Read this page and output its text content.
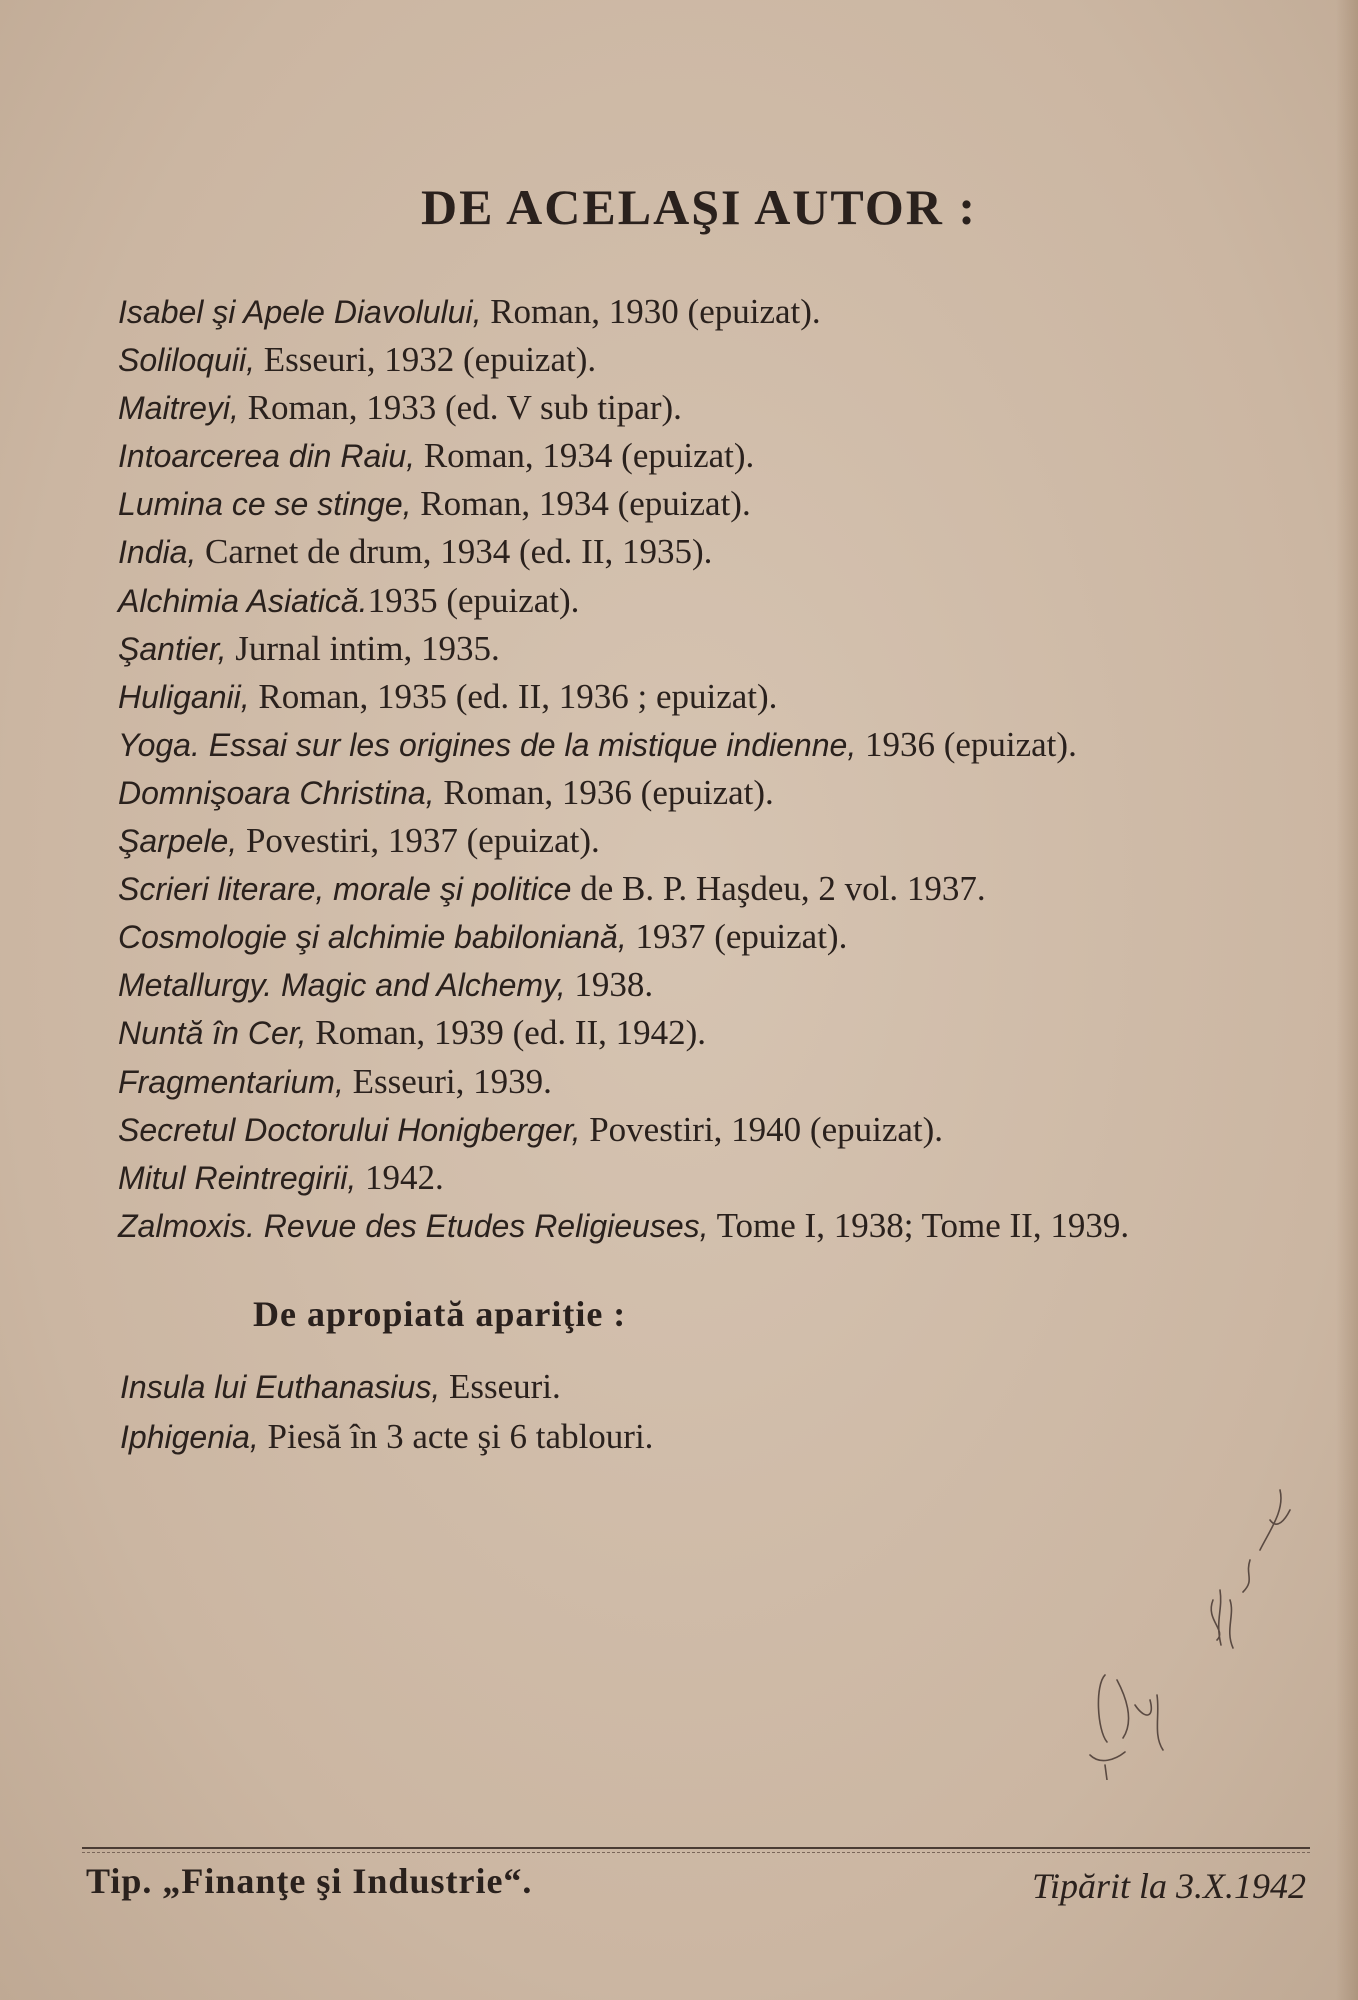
DE ACELAŞI AUTOR :
Isabel şi Apele Diavolului, Roman, 1930 (epuizat).
Soliloquii, Esseuri, 1932 (epuizat).
Maitreyi, Roman, 1933 (ed. V sub tipar).
Intoarcerea din Raiu, Roman, 1934 (epuizat).
Lumina ce se stinge, Roman, 1934 (epuizat).
India, Carnet de drum, 1934 (ed. II, 1935).
Alchimia Asiatică.1935 (epuizat).
Şantier, Jurnal intim, 1935.
Huliganii, Roman, 1935 (ed. II, 1936 ; epuizat).
Yoga. Essai sur les origines de la mistique indienne, 1936 (epuizat).
Domnişoara Christina, Roman, 1936 (epuizat).
Şarpele, Povestiri, 1937 (epuizat).
Scrieri literare, morale şi politice de B. P. Haşdeu, 2 vol. 1937.
Cosmologie şi alchimie babiloniană, 1937 (epuizat).
Metallurgy. Magic and Alchemy, 1938.
Nuntă în Cer, Roman, 1939 (ed. II, 1942).
Fragmentarium, Esseuri, 1939.
Secretul Doctorului Honigberger, Povestiri, 1940 (epuizat).
Mitul Reintregirii, 1942.
Zalmoxis. Revue des Etudes Religieuses, Tome I, 1938; Tome II, 1939.
De apropiată apariţie :
Insula lui Euthanasius, Esseuri.
Iphigenia, Piesă în 3 acte şi 6 tablouri.
Tip. „Finanţe şi Industrie“.	Tipărit la 3.X.1942
